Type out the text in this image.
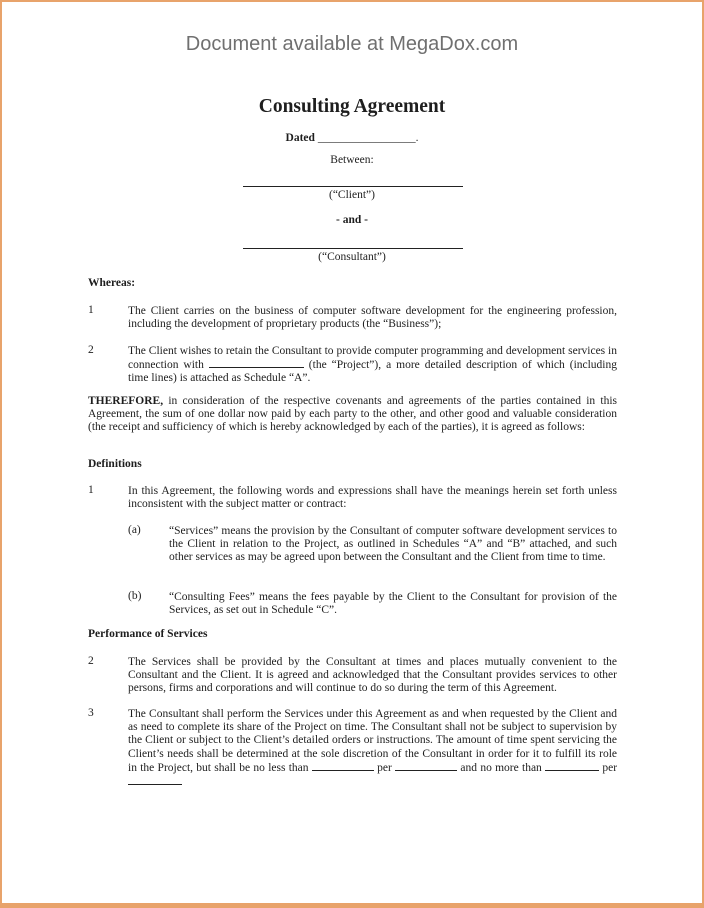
Document available at MegaDox.com
Consulting Agreement
Dated _________________.
Between:
(“Client”)
- and -
(“Consultant”)
Whereas:
1	The Client carries on the business of computer software development for the engineering profession, including the development of proprietary products (the “Business”);
2	The Client wishes to retain the Consultant to provide computer programming and development services in connection with	(the “Project”), a more detailed description of which (including time lines) is attached as Schedule “A”.
THEREFORE, in consideration of the respective covenants and agreements of the parties contained in this Agreement, the sum of one dollar now paid by each party to the other, and other good and valuable consideration (the receipt and sufficiency of which is hereby acknowledged by each of the parties), it is agreed as follows:
Definitions
1	In this Agreement, the following words and expressions shall have the meanings herein set forth unless inconsistent with the subject matter or contract:
(a) “Services” means the provision by the Consultant of computer software development services to the Client in relation to the Project, as outlined in Schedules “A” and “B” attached, and such other services as may be agreed upon between the Consultant and the Client from time to time.
(b) “Consulting Fees” means the fees payable by the Client to the Consultant for provision of the Services, as set out in Schedule “C”.
Performance of Services
2	The Services shall be provided by the Consultant at times and places mutually convenient to the Consultant and the Client. It is agreed and acknowledged that the Consultant provides services to other persons, firms and corporations and will continue to do so during the term of this Agreement.
3	The Consultant shall perform the Services under this Agreement as and when requested by the Client and as need to complete its share of the Project on time. The Consultant shall not be subject to supervision by the Client or subject to the Client’s detailed orders or instructions. The amount of time spent servicing the Client’s needs shall be determined at the sole discretion of the Consultant in order for it to fulfill its role in the Project, but shall be no less than	per	and no more than	per
